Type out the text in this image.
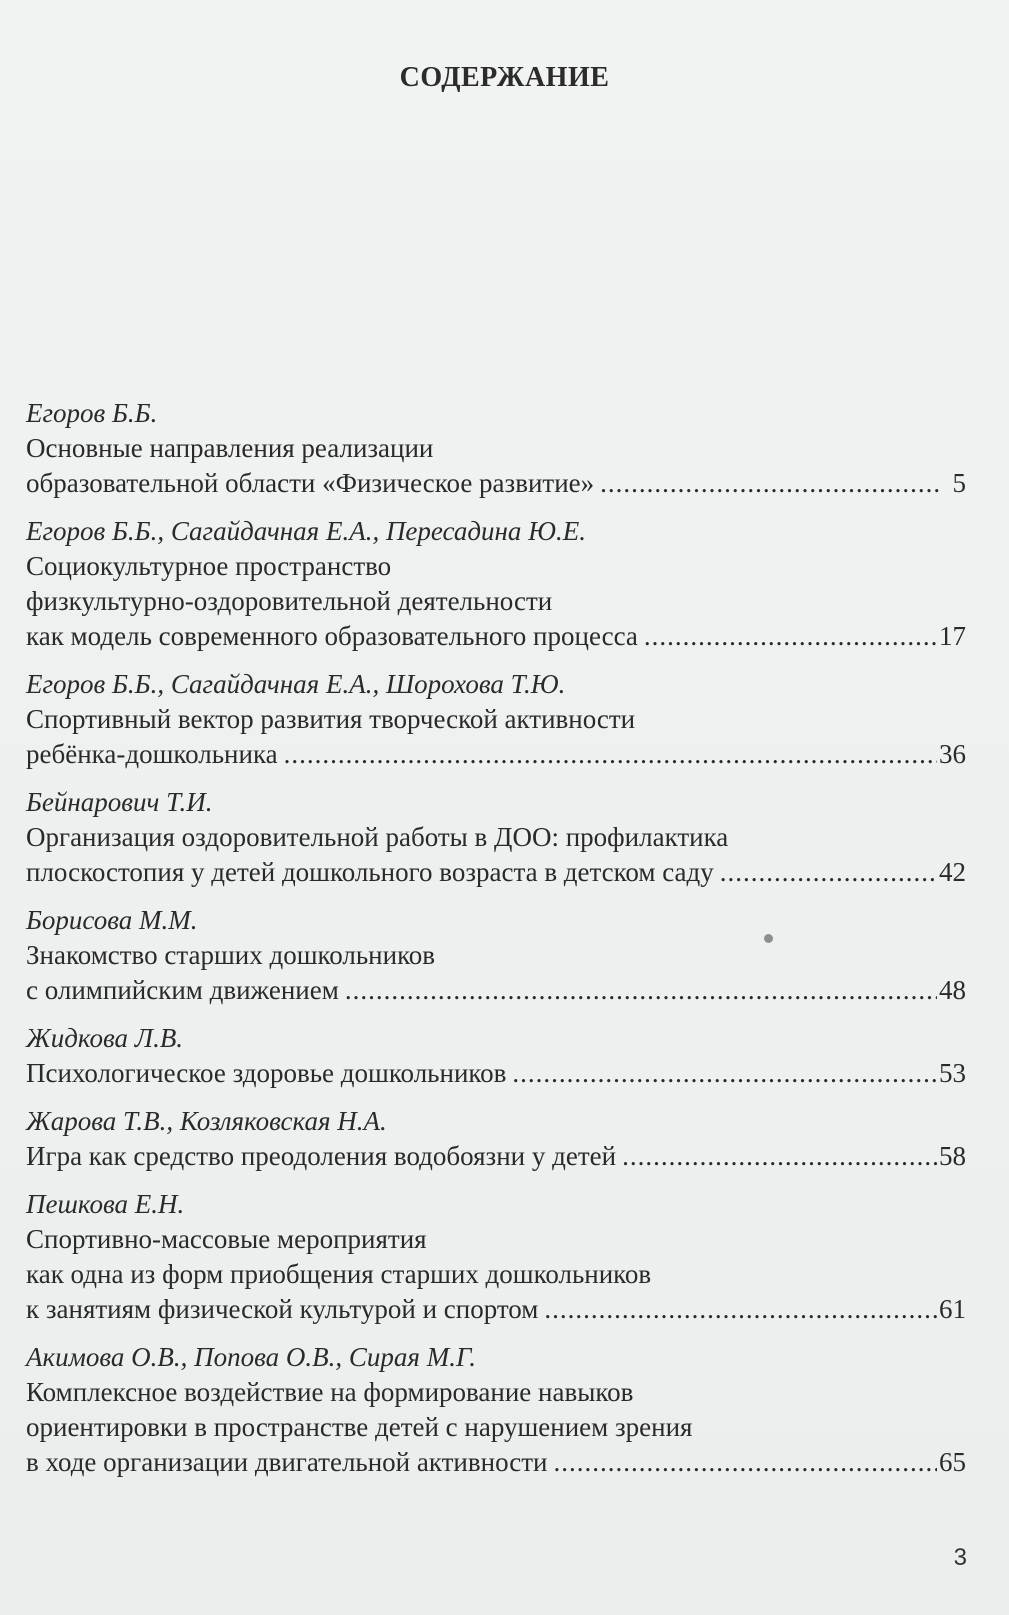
СОДЕРЖАНИЕ
Егоров Б.Б.
Основные направления реализации
образовательной области «Физическое развитие» .....	5
Егоров Б.Б., Сагайдачная Е.А., Пересадина Ю.Е.
Социокультурное пространство
физкультурно-оздоровительной деятельности
как модель современного образовательного процесса .....	17
Егоров Б.Б., Сагайдачная Е.А., Шорохова Т.Ю.
Спортивный вектор развития творческой активности
ребёнка-дошкольника .....	36
Бейнарович Т.И.
Организация оздоровительной работы в ДОО: профилактика
плоскостопия у детей дошкольного возраста в детском саду .....	42
Борисова М.М.
Знакомство старших дошкольников
с олимпийским движением .....	48
Жидкова Л.В.
Психологическое здоровье дошкольников .....	53
Жарова Т.В., Козляковская Н.А.
Игра как средство преодоления водобоязни у детей .....	58
Пешкова Е.Н.
Спортивно-массовые мероприятия
как одна из форм приобщения старших дошкольников
к занятиям физической культурой и спортом .....	61
Акимова О.В., Попова О.В., Сирая М.Г.
Комплексное воздействие на формирование навыков
ориентировки в пространстве детей с нарушением зрения
в ходе организации двигательной активности .....	65
3
